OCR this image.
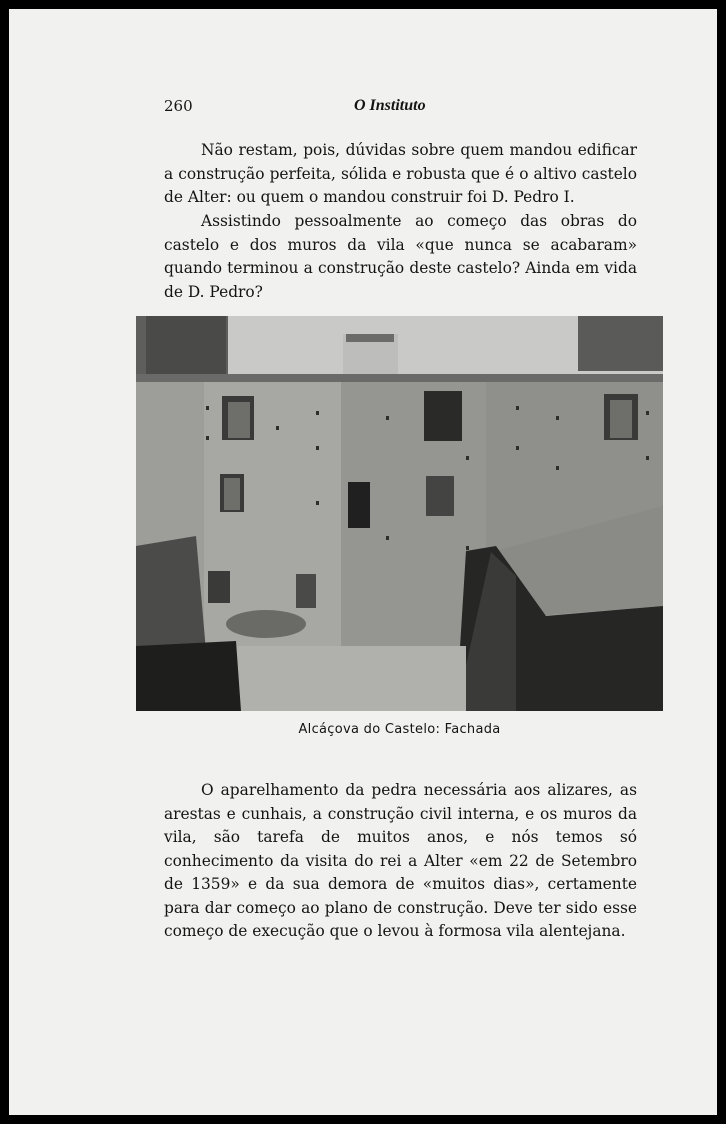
260	O Instituto

Não restam, pois, dúvidas sobre quem mandou edificar a construção perfeita, sólida e robusta que é o altivo castelo de Alter: ou quem o mandou construir foi D. Pedro I.

Assistindo pessoalmente ao começo das obras do castelo e dos muros da vila «que nunca se acabaram» quando terminou a construção deste castelo? Ainda em vida de D. Pedro?

Alcáçova do Castelo: Fachada

O aparelhamento da pedra necessária aos alizares, as arestas e cunhais, a construção civil interna, e os muros da vila, são tarefa de muitos anos, e nós temos só conhecimento da visita do rei a Alter «em 22 de Setembro de 1359» e da sua demora de «muitos dias», certamente para dar começo ao plano de construção. Deve ter sido esse começo de execução que o levou à formosa vila alentejana.
